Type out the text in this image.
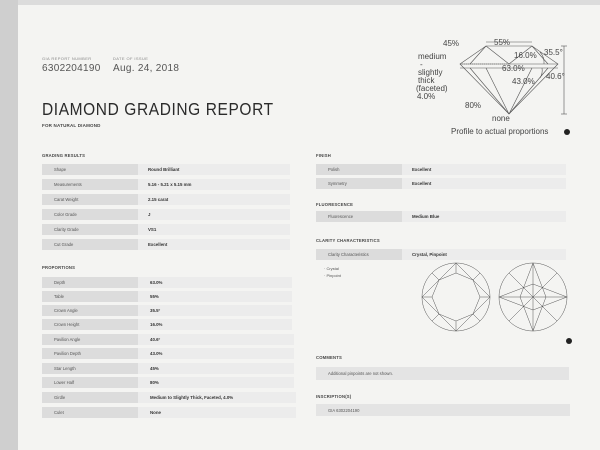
GIA REPORT NUMBER
6302204190
DATE OF ISSUE
Aug. 24, 2018
DIAMOND GRADING REPORT
FOR NATURAL DIAMOND
45%	55%
35.5°
16.0%
medium
-
slightly
thick
(faceted)
4.0%
63.0%
40.6°
43.0%
80%
none
Profile to actual proportions
GRADING RESULTS
Shape	Round Brilliant
Measurements	5.16 - 5.21 x 5.15 mm
Carat Weight	2.15 carat
Color Grade	J
Clarity Grade	VS1
Cut Grade	Excellent
PROPORTIONS
Depth	63.0%
Table	55%
Crown Angle	35.5°
Crown Height	16.0%
Pavilion Angle	40.6°
Pavilion Depth	43.0%
Star Length	45%
Lower Half	80%
Girdle	Medium to Slightly Thick, Faceted, 4.0%
Culet	None
FINISH
Polish	Excellent
Symmetry	Excellent
FLUORESCENCE
Fluorescence	Medium Blue
CLARITY CHARACTERISTICS
Clarity Characteristics	Crystal, Pinpoint
· Crystal
· Pinpoint
COMMENTS
Additional pinpoints are not shown.
INSCRIPTION(S)
GIA 6302204190
